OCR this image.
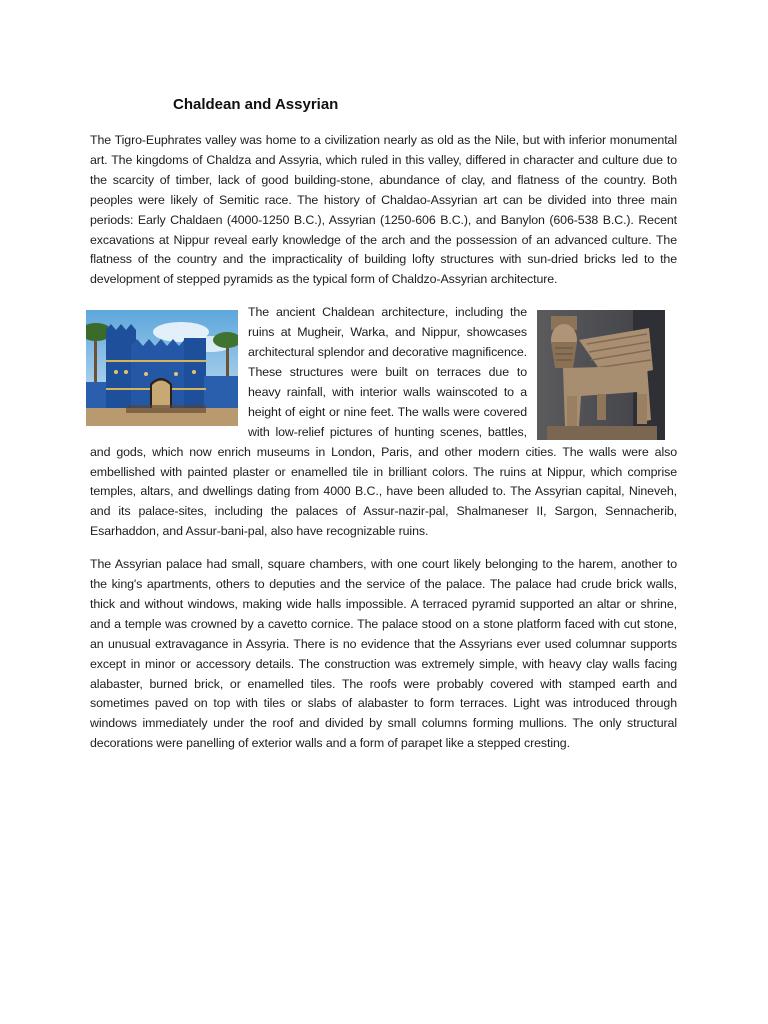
Chaldean and Assyrian

The Tigro-Euphrates valley was home to a civilization nearly as old as the Nile, but with inferior monumental art. The kingdoms of Chaldza and Assyria, which ruled in this valley, differed in character and culture due to the scarcity of timber, lack of good building-stone, abundance of clay, and flatness of the country. Both peoples were likely of Semitic race. The history of Chaldao-Assyrian art can be divided into three main periods: Early Chaldaen (4000-1250 B.C.), Assyrian (1250-606 B.C.), and Banylon (606-538 B.C.). Recent excavations at Nippur reveal early knowledge of the arch and the possession of an advanced culture. The flatness of the country and the impracticality of building lofty structures with sun-dried bricks led to the development of stepped pyramids as the typical form of Chaldzo-Assyrian architecture.

The ancient Chaldean architecture, including the ruins at Mugheir, Warka, and Nippur, showcases architectural splendor and decorative magnificence. These structures were built on terraces due to heavy rainfall, with interior walls wainscoted to a height of eight or nine feet. The walls were covered with low-relief pictures of hunting scenes, battles, and gods, which now enrich museums in London, Paris, and other modern cities. The walls were also embellished with painted plaster or enamelled tile in brilliant colors. The ruins at Nippur, which comprise temples, altars, and dwellings dating from 4000 B.C., have been alluded to. The Assyrian capital, Nineveh, and its palace-sites, including the palaces of Assur-nazir-pal, Shalmaneser II, Sargon, Sennacherib, Esarhaddon, and Assur-bani-pal, also have recognizable ruins.

The Assyrian palace had small, square chambers, with one court likely belonging to the harem, another to the king's apartments, others to deputies and the service of the palace. The palace had crude brick walls, thick and without windows, making wide halls impossible. A terraced pyramid supported an altar or shrine, and a temple was crowned by a cavetto cornice. The palace stood on a stone platform faced with cut stone, an unusual extravagance in Assyria. There is no evidence that the Assyrians ever used columnar supports except in minor or accessory details. The construction was extremely simple, with heavy clay walls facing alabaster, burned brick, or enamelled tiles. The roofs were probably covered with stamped earth and sometimes paved on top with tiles or slabs of alabaster to form terraces. Light was introduced through windows immediately under the roof and divided by small columns forming mullions. The only structural decorations were panelling of exterior walls and a form of parapet like a stepped cresting.
